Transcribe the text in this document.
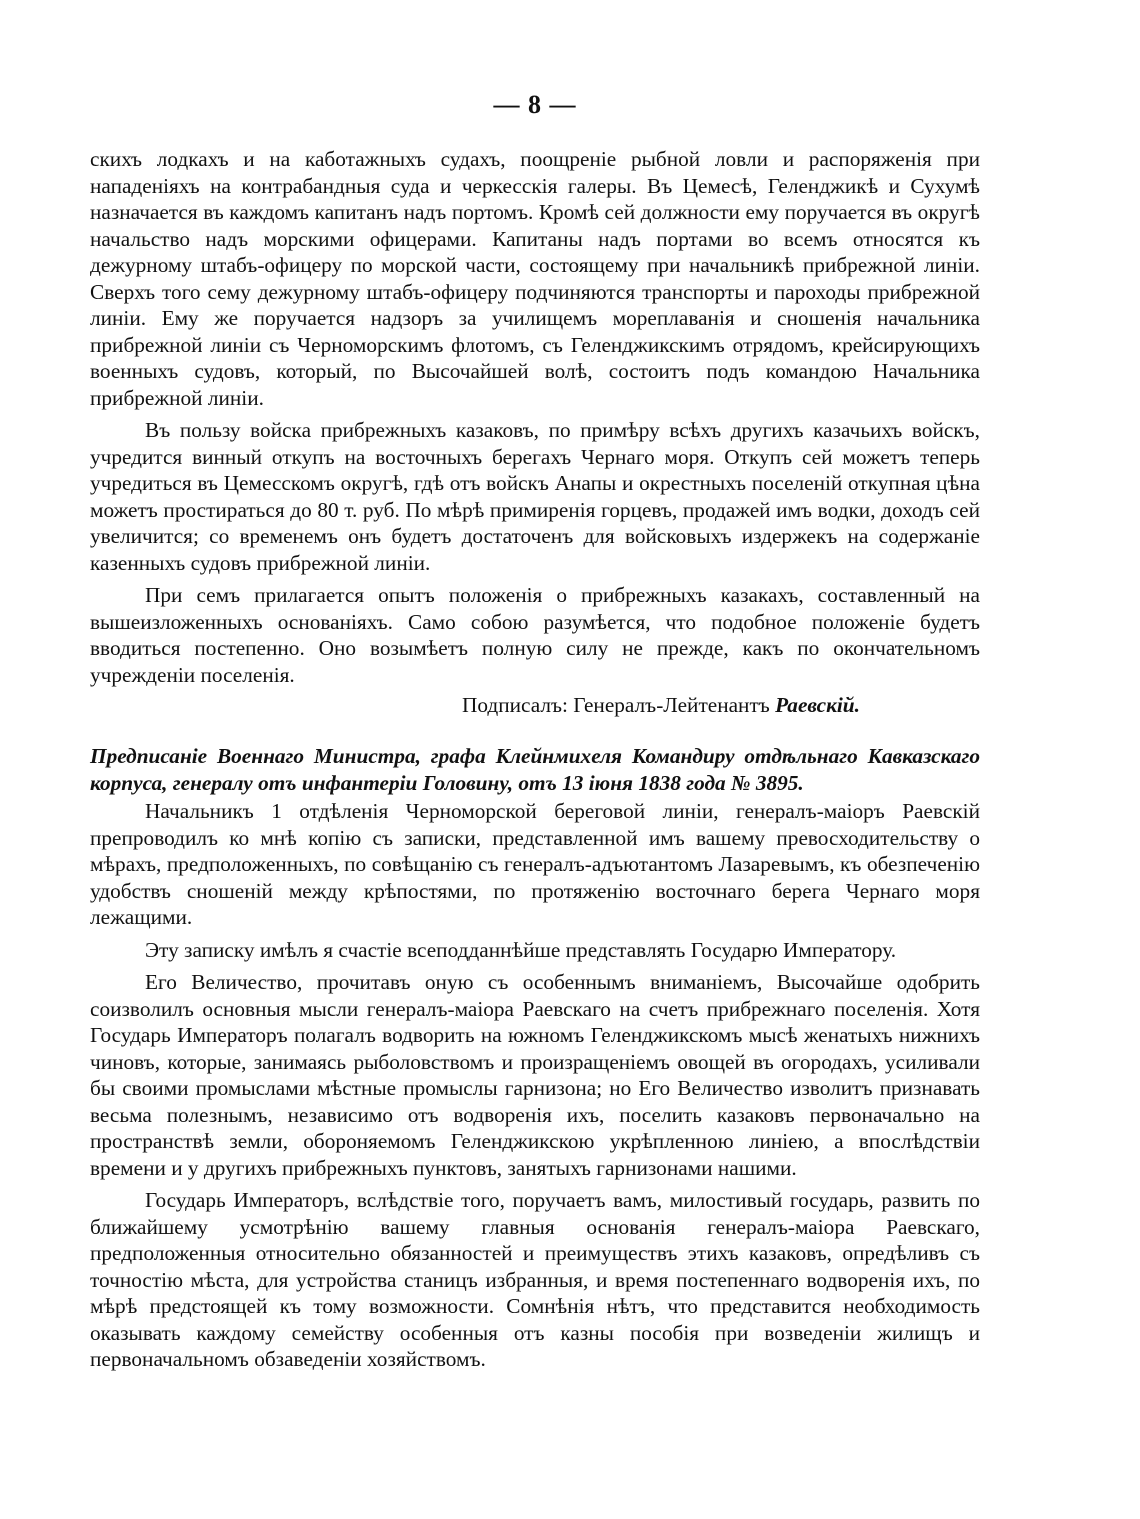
— 8 —

скихъ лодкахъ и на каботажныхъ судахъ, поощреніе рыбной ловли и распоряженія при нападеніяхъ на контрабандныя суда и черкесскія галеры. Въ Цемесѣ, Геленджикѣ и Сухумѣ назначается въ каждомъ капитанъ надъ портомъ. Кромѣ сей должности ему поручается въ округѣ начальство надъ морскими офицерами. Капитаны надъ портами во всемъ относятся къ дежурному штабъ-офицеру по морской части, состоящему при начальникѣ прибрежной линіи. Сверхъ того сему дежурному штабъ-офицеру подчиняются транспорты и пароходы прибрежной линіи. Ему же поручается надзоръ за училищемъ мореплаванія и сношенія начальника прибрежной линіи съ Черноморскимъ флотомъ, съ Геленджикскимъ отрядомъ, крейсирующихъ военныхъ судовъ, который, по Высочайшей волѣ, состоитъ подъ командою Начальника прибрежной линіи.

Въ пользу войска прибрежныхъ казаковъ, по примѣру всѣхъ другихъ казачьихъ войскъ, учредится винный откупъ на восточныхъ берегахъ Чернаго моря. Откупъ сей можетъ теперь учредиться въ Цемесскомъ округѣ, гдѣ отъ войскъ Анапы и окрестныхъ поселеній откупная цѣна можетъ простираться до 80 т. руб. По мѣрѣ примиренія горцевъ, продажей имъ водки, доходъ сей увеличится; со временемъ онъ будетъ достаточенъ для войсковыхъ издержекъ на содержаніе казенныхъ судовъ прибрежной линіи.

При семъ прилагается опытъ положенія о прибрежныхъ казакахъ, составленный на вышеизложенныхъ основаніяхъ. Само собою разумѣется, что подобное положеніе будетъ вводиться постепенно. Оно возымѣетъ полную силу не прежде, какъ по окончательномъ учрежденіи поселенія.

Подписалъ: Генералъ-Лейтенантъ Раевскій.

Предписаніе Военнаго Министра, графа Клейнмихеля Командиру отдѣльнаго Кавказскаго корпуса, генералу отъ инфантеріи Головину, отъ 13 іюня 1838 года № 3895.

Начальникъ 1 отдѣленія Черноморской береговой линіи, генералъ-маіоръ Раевскій препроводилъ ко мнѣ копію съ записки, представленной имъ вашему превосходительству о мѣрахъ, предположенныхъ, по совѣщанію съ генералъ-адъютантомъ Лазаревымъ, къ обезпеченію удобствъ сношеній между крѣпостями, по протяженію восточнаго берега Чернаго моря лежащими.

Эту записку имѣлъ я счастіе всеподданнѣйше представлять Государю Императору.

Его Величество, прочитавъ оную съ особеннымъ вниманіемъ, Высочайше одобрить соизволилъ основныя мысли генералъ-маіора Раевскаго на счетъ прибрежнаго поселенія. Хотя Государь Императоръ полагалъ водворить на южномъ Геленджикскомъ мысѣ женатыхъ нижнихъ чиновъ, которые, занимаясь рыболовствомъ и произращеніемъ овощей въ огородахъ, усиливали бы своими промыслами мѣстные промыслы гарнизона; но Его Величество изволитъ признавать весьма полезнымъ, независимо отъ водворенія ихъ, поселить казаковъ первоначально на пространствѣ земли, обороняемомъ Геленджикскою укрѣпленною линіею, а впослѣдствіи времени и у другихъ прибрежныхъ пунктовъ, занятыхъ гарнизонами нашими.

Государь Императоръ, вслѣдствіе того, поручаетъ вамъ, милостивый государь, развить по ближайшему усмотрѣнію вашему главныя основанія генералъ-маіора Раевскаго, предположенныя относительно обязанностей и преимуществъ этихъ казаковъ, опредѣливъ съ точностію мѣста, для устройства станицъ избранныя, и время постепеннаго водворенія ихъ, по мѣрѣ предстоящей къ тому возможности. Сомнѣнія нѣтъ, что представится необходимость оказывать каждому семейству особенныя отъ казны пособія при возведеніи жилищъ и первоначальномъ обзаведеніи хозяйствомъ.
